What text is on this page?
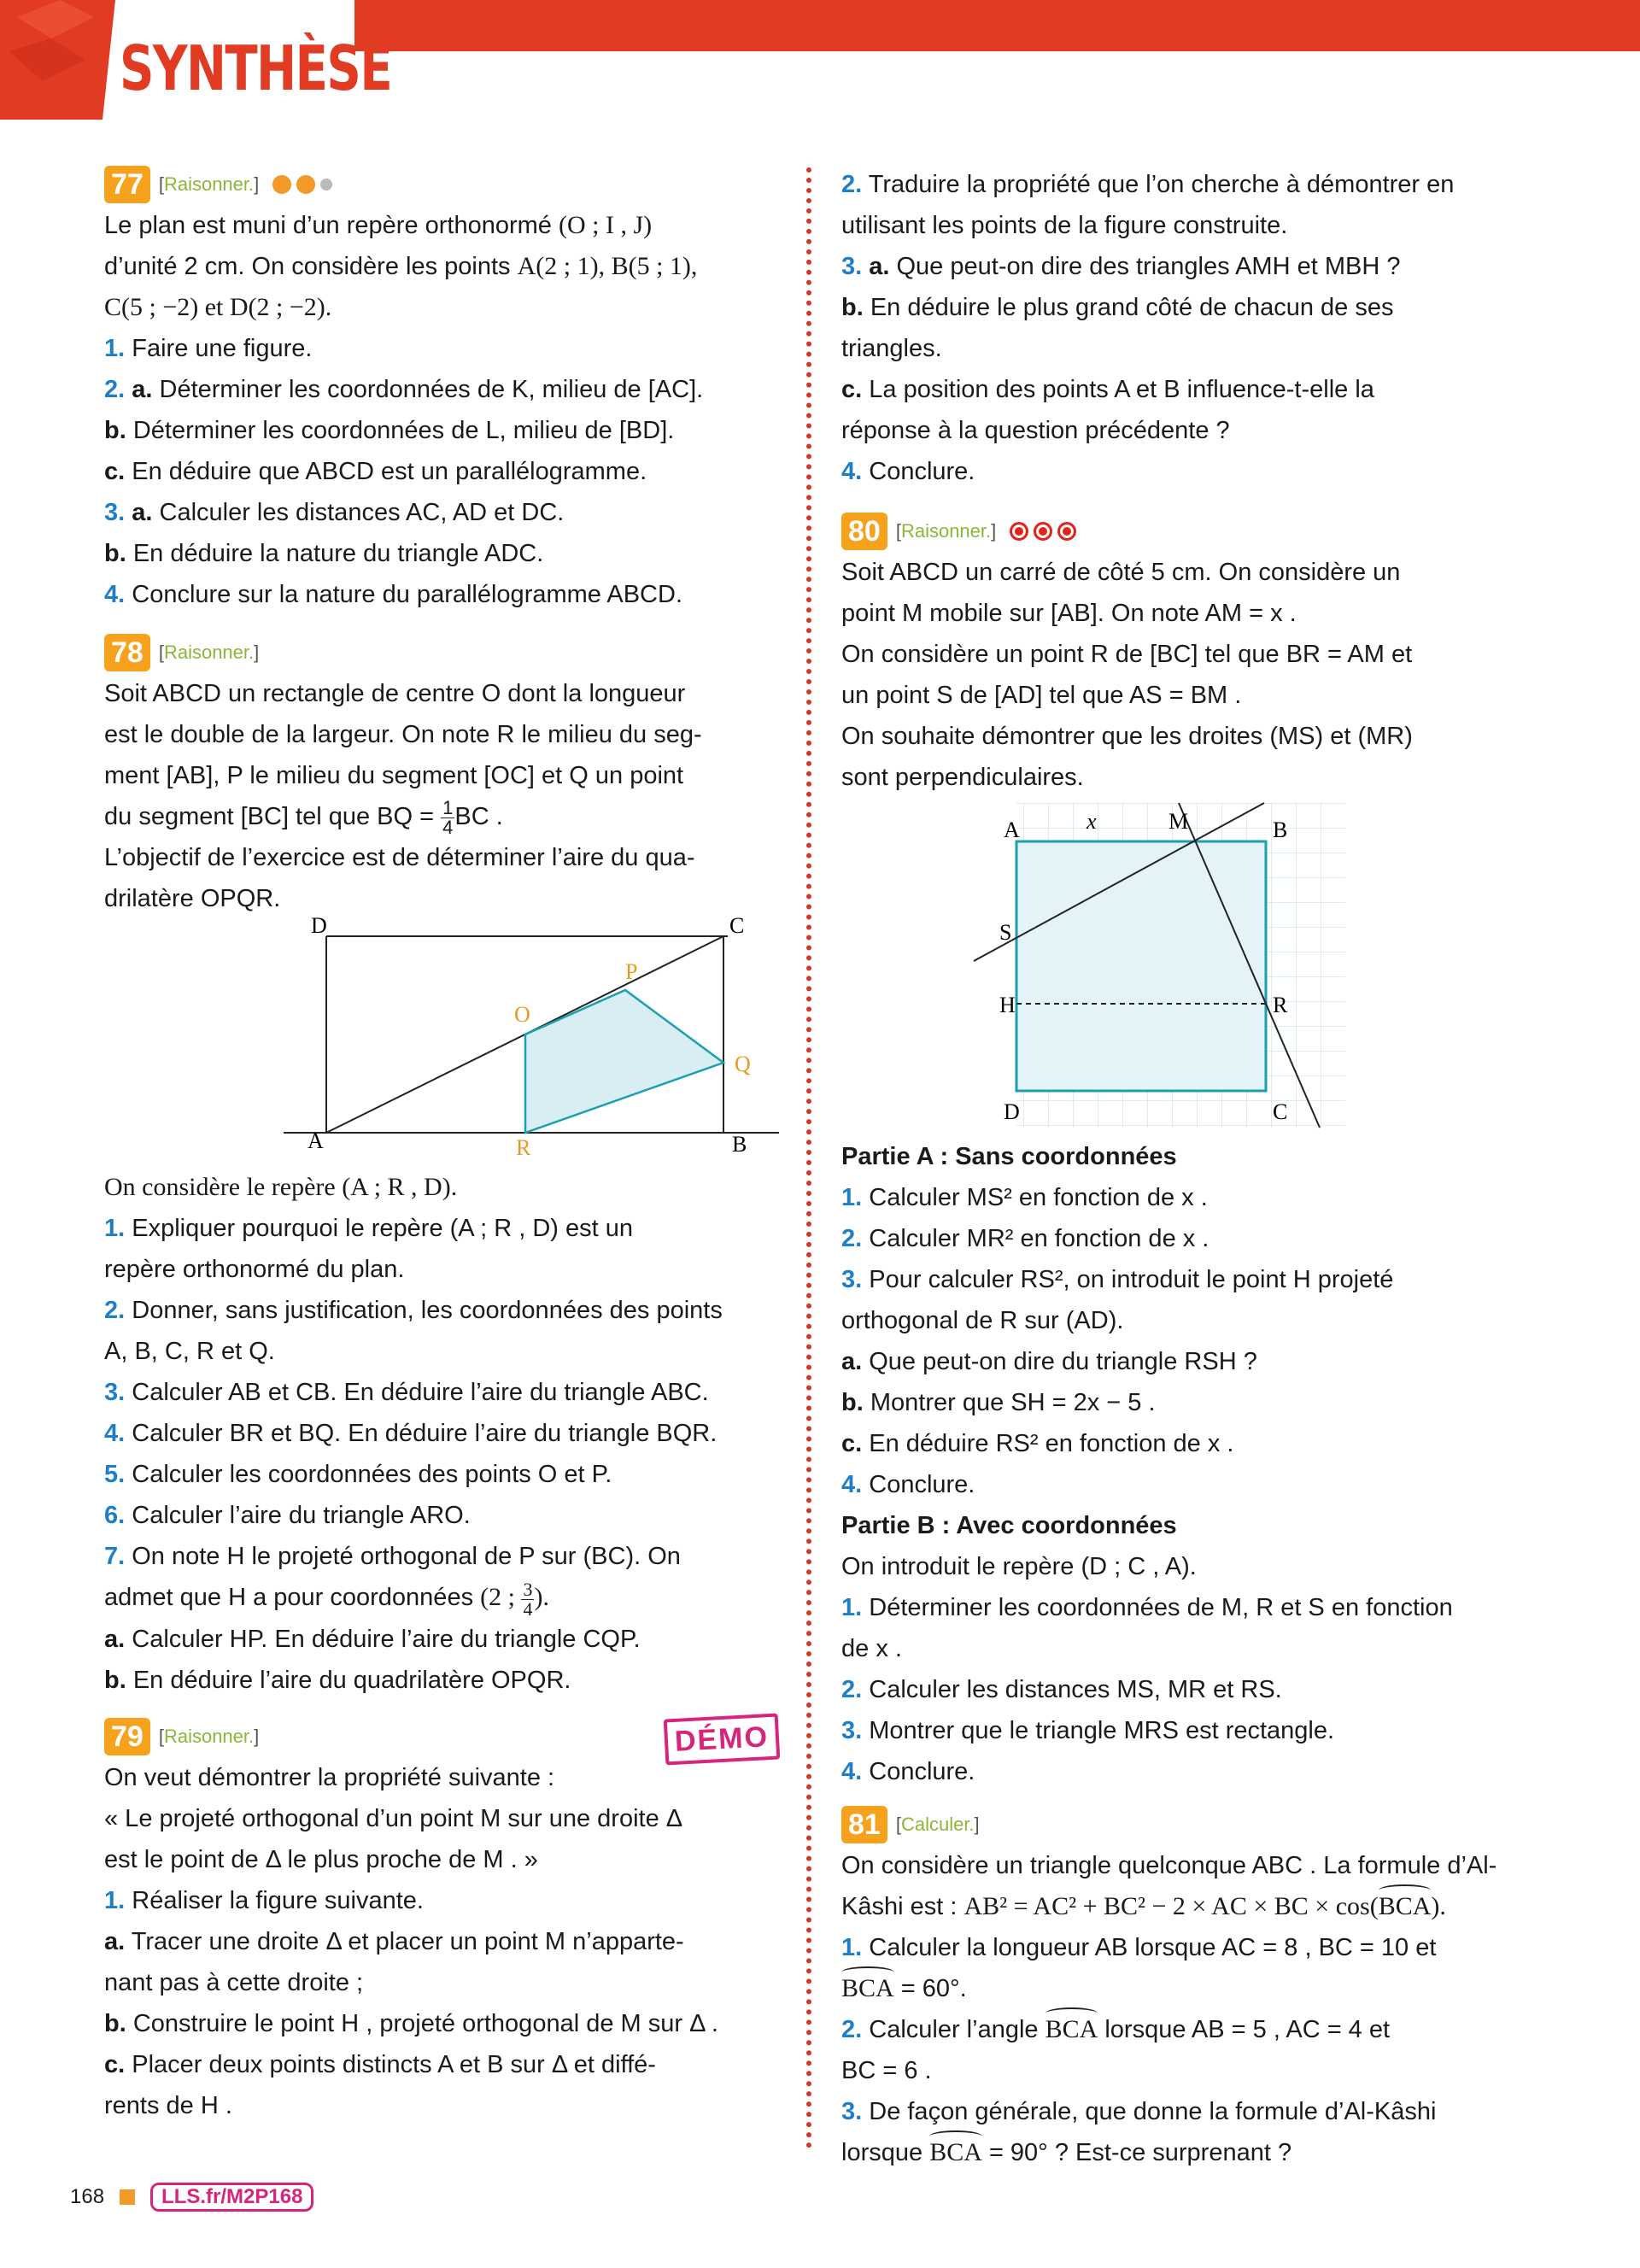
SYNTHÈSE
77 [Raisonner.]

Le plan est muni d’un repère orthonormé (O ; I , J)

d’unité 2 cm. On considère les points A(2 ; 1), B(5 ; 1),

C(5 ; −2) et D(2 ; −2).

1. Faire une figure.

2. a. Déterminer les coordonnées de K, milieu de [AC].

b. Déterminer les coordonnées de L, milieu de [BD].

c. En déduire que ABCD est un parallélogramme.

3. a. Calculer les distances AC, AD et DC.

b. En déduire la nature du triangle ADC.

4. Conclure sur la nature du parallélogramme ABCD.

78 [Raisonner.]

Soit ABCD un rectangle de centre O dont la longueur

est le double de la largeur. On note R le milieu du seg-

ment [AB], P le milieu du segment [OC] et Q un point

du segment [BC] tel que BQ = $\frac{1}{4}$ BC .

L’objectif de l’exercice est de déterminer l’aire du qua-

drilatère OPQR.

D	C
A	B
O
P
Q
R

On considère le repère (A ; R , D).

1. Expliquer pourquoi le repère (A ; R , D) est un

repère orthonormé du plan.

2. Donner, sans justification, les coordonnées des points

A, B, C, R et Q.

3. Calculer AB et CB. En déduire l’aire du triangle ABC.

4. Calculer BR et BQ. En déduire l’aire du triangle BQR.

5. Calculer les coordonnées des points O et P.

6. Calculer l’aire du triangle ARO.

7. On note H le projeté orthogonal de P sur (BC). On

admet que H a pour coordonnées (2 ; $\frac{3}{4}$ ).

a. Calculer HP. En déduire l’aire du triangle CQP.

b. En déduire l’aire du quadrilatère OPQR.

79 [Raisonner.]	DÉMO

On veut démontrer la propriété suivante :

« Le projeté orthogonal d’un point M sur une droite Δ

est le point de Δ le plus proche de M . »

1. Réaliser la figure suivante.

a. Tracer une droite Δ et placer un point M n’apparte-

nant pas à cette droite ;

b. Construire le point H , projeté orthogonal de M sur Δ .

c. Placer deux points distincts A et B sur Δ et diffé-

rents de H .

2. Traduire la propriété que l’on cherche à démontrer en

utilisant les points de la figure construite.

3. a. Que peut-on dire des triangles AMH et MBH ?

b. En déduire le plus grand côté de chacun de ses

triangles.

c. La position des points A et B influence-t-elle la

réponse à la question précédente ?

4. Conclure.

80 [Raisonner.]

Soit ABCD un carré de côté 5 cm. On considère un

point M mobile sur [AB]. On note AM = x .

On considère un point R de [BC] tel que BR = AM et

un point S de [AD] tel que AS = BM .

On souhaite démontrer que les droites (MS) et (MR)

sont perpendiculaires.

A	B
D	C
M
R
S
H
x

Partie A : Sans coordonnées

1. Calculer MS² en fonction de x .

2. Calculer MR² en fonction de x .

3. Pour calculer RS², on introduit le point H projeté

orthogonal de R sur (AD).

a. Que peut-on dire du triangle RSH ?

b. Montrer que SH = 2x − 5 .

c. En déduire RS² en fonction de x .

4. Conclure.

Partie B : Avec coordonnées

On introduit le repère (D ; C , A).

1. Déterminer les coordonnées de M, R et S en fonction

de x .

2. Calculer les distances MS, MR et RS.

3. Montrer que le triangle MRS est rectangle.

4. Conclure.

81 [Calculer.]

On considère un triangle quelconque ABC . La formule d’Al-

Kâshi est : AB² = AC² + BC² − 2 × AC × BC × cos(BCA).

1. Calculer la longueur AB lorsque AC = 8 , BC = 10 et

BCA = 60°.

2. Calculer l’angle BCA lorsque AB = 5 , AC = 4 et

BC = 6 .

3. De façon générale, que donne la formule d’Al-Kâshi

lorsque BCA = 90° ? Est-ce surprenant ?

168	LLS.fr/M2P168
